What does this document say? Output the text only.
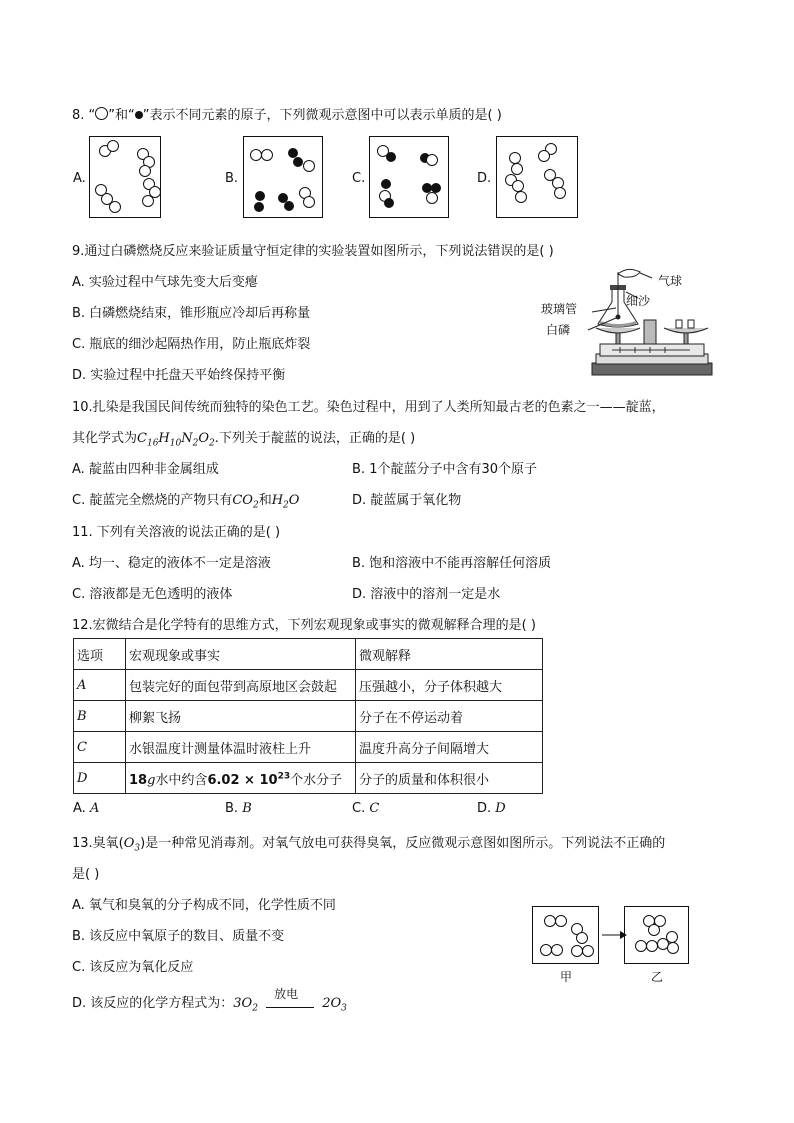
8. “ ”和“ ”表示不同元素的原子，下列微观示意图中可以表示单质的是( )
A.	B.	C.	D.
9.通过白磷燃烧反应来验证质量守恒定律的实验装置如图所示，下列说法错误的是( )
A. 实验过程中气球先变大后变瘪
B. 白磷燃烧结束，锥形瓶应冷却后再称量
C. 瓶底的细沙起隔热作用，防止瓶底炸裂
D. 实验过程中托盘天平始终保持平衡
气球
细沙
玻璃管
白磷
10.扎染是我国民间传统而独特的染色工艺。染色过程中，用到了人类所知最古老的色素之一——靛蓝，
其化学式为$C_{16}H_{10}N_2O_2$.下列关于靛蓝的说法，正确的是( )
A. 靛蓝由四种非金属组成	B. 1个靛蓝分子中含有30个原子
C. 靛蓝完全燃烧的产物只有$CO_2$和$H_2O$	D. 靛蓝属于氧化物
11. 下列有关溶液的说法正确的是( )
A. 均一、稳定的液体不一定是溶液	B. 饱和溶液中不能再溶解任何溶质
C. 溶液都是无色透明的液体	D. 溶液中的溶剂一定是水
12.宏微结合是化学特有的思维方式，下列宏观现象或事实的微观解释合理的是( )
选项	宏观现象或事实	微观解释
A	包装完好的面包带到高原地区会鼓起	压强越小，分子体积越大
B	柳絮飞扬	分子在不停运动着
C	水银温度计测量体温时液柱上升	温度升高分子间隔增大
D	18g水中约含$6.02 \times 10^{23}$个水分子	分子的质量和体积很小
A. A	B. B	C. C	D. D
13.臭氧$(O_3)$是一种常见消毒剂。对氧气放电可获得臭氧，反应微观示意图如图所示。下列说法不正确的
是( )
A. 氧气和臭氧的分子构成不同，化学性质不同
B. 该反应中氧原子的数目、质量不变
C. 该反应为氧化反应
D. 该反应的化学方程式为：$3O_2$
放电
$2O_3$
甲	乙
